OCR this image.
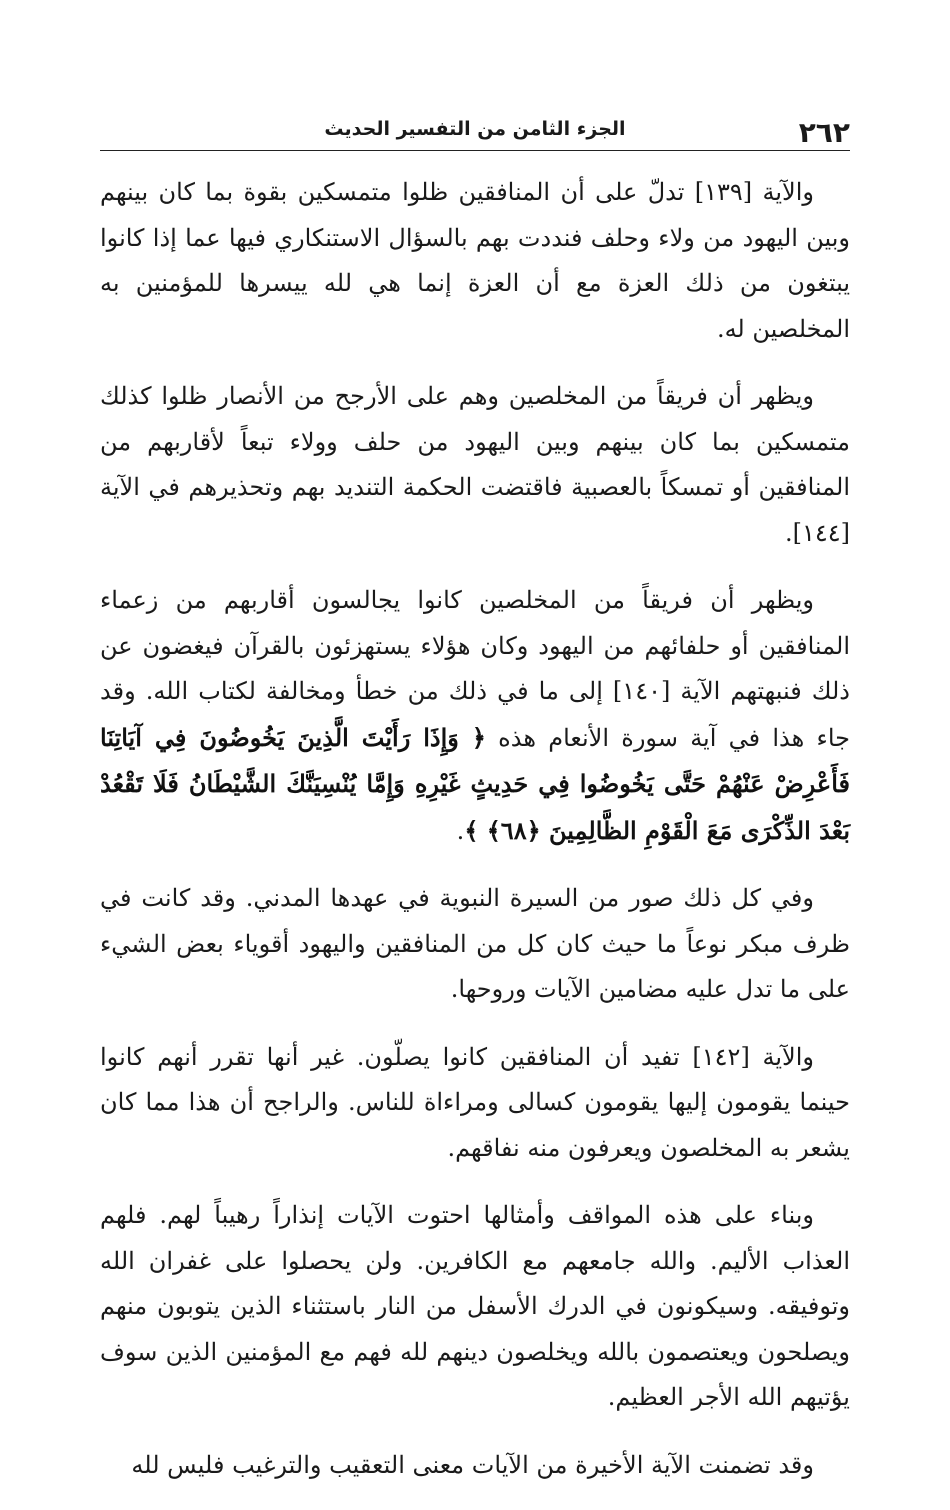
٢٦٢
الجزء الثامن من التفسير الحديث

والآية [١٣٩] تدلّ على أن المنافقين ظلوا متمسكين بقوة بما كان بينهم وبين اليهود من ولاء وحلف فنددت بهم بالسؤال الاستنكاري فيها عما إذا كانوا يبتغون من ذلك العزة مع أن العزة إنما هي لله ييسرها للمؤمنين به المخلصين له.

ويظهر أن فريقاً من المخلصين وهم على الأرجح من الأنصار ظلوا كذلك متمسكين بما كان بينهم وبين اليهود من حلف وولاء تبعاً لأقاربهم من المنافقين أو تمسكاً بالعصبية فاقتضت الحكمة التنديد بهم وتحذيرهم في الآية [١٤٤].

ويظهر أن فريقاً من المخلصين كانوا يجالسون أقاربهم من زعماء المنافقين أو حلفائهم من اليهود وكان هؤلاء يستهزئون بالقرآن فيغضون عن ذلك فنبهتهم الآية [١٤٠] إلى ما في ذلك من خطأ ومخالفة لكتاب الله. وقد جاء هذا في آية سورة الأنعام هذه ﴿ وَإِذَا رَأَيْتَ الَّذِينَ يَخُوضُونَ فِي آيَاتِنَا فَأَعْرِضْ عَنْهُمْ حَتَّى يَخُوضُوا فِي حَدِيثٍ غَيْرِهِ وَإِمَّا يُنْسِيَنَّكَ الشَّيْطَانُ فَلَا تَقْعُدْ بَعْدَ الذِّكْرَى مَعَ الْقَوْمِ الظَّالِمِينَ ﴿٦٨﴾ ﴾.

وفي كل ذلك صور من السيرة النبوية في عهدها المدني. وقد كانت في ظرف مبكر نوعاً ما حيث كان كل من المنافقين واليهود أقوياء بعض الشيء على ما تدل عليه مضامين الآيات وروحها.

والآية [١٤٢] تفيد أن المنافقين كانوا يصلّون. غير أنها تقرر أنهم كانوا حينما يقومون إليها يقومون كسالى ومراءاة للناس. والراجح أن هذا مما كان يشعر به المخلصون ويعرفون منه نفاقهم.

وبناء على هذه المواقف وأمثالها احتوت الآيات إنذاراً رهيباً لهم. فلهم العذاب الأليم. والله جامعهم مع الكافرين. ولن يحصلوا على غفران الله وتوفيقه. وسيكونون في الدرك الأسفل من النار باستثناء الذين يتوبون منهم ويصلحون ويعتصمون بالله ويخلصون دينهم لله فهم مع المؤمنين الذين سوف يؤتيهم الله الأجر العظيم.

وقد تضمنت الآية الأخيرة من الآيات معنى التعقيب والترغيب فليس لله
